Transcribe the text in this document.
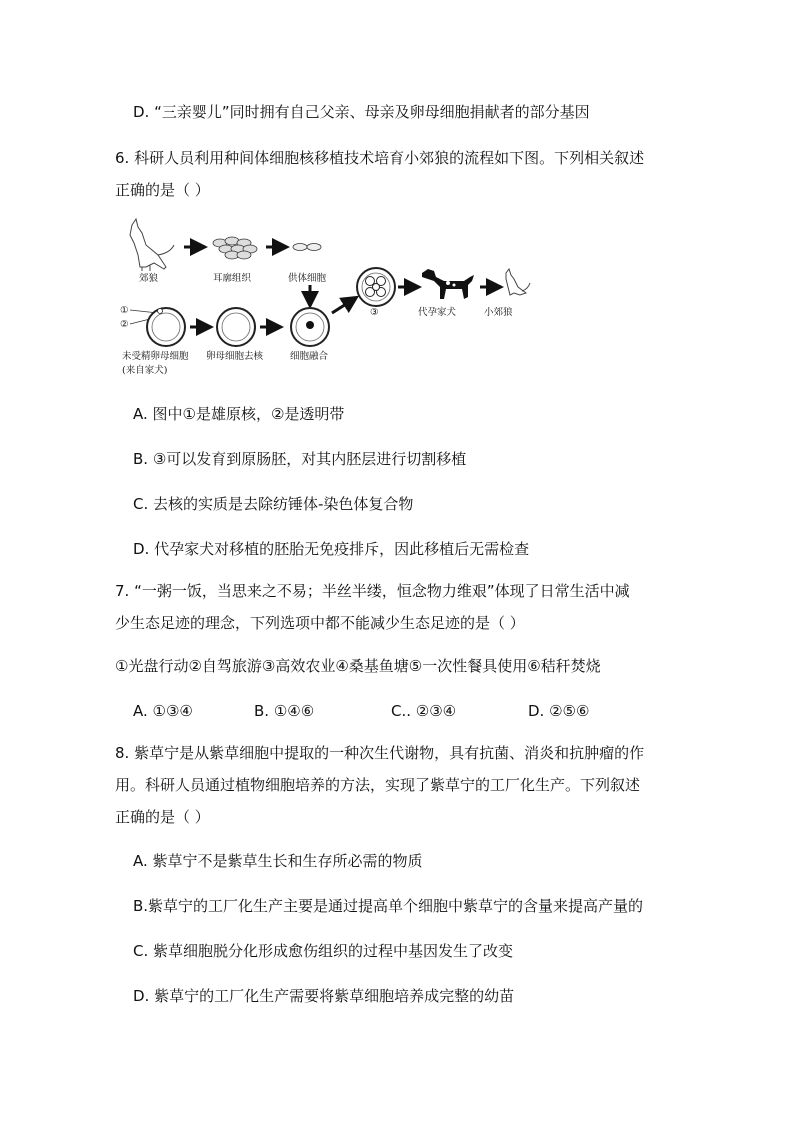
D. “三亲婴儿”同时拥有自己父亲、母亲及卵母细胞捐献者的部分基因
6. 科研人员利用种间体细胞核移植技术培育小郊狼的流程如下图。下列相关叙述
正确的是（ ）
郊狼	耳廓组织	供体细胞
①
②
未受精卵母细胞
(来自家犬)
卵母细胞去核	细胞融合
③	代孕家犬	小郊狼
A. 图中①是雄原核，②是透明带
B. ③可以发育到原肠胚，对其内胚层进行切割移植
C. 去核的实质是去除纺锤体-染色体复合物
D. 代孕家犬对移植的胚胎无免疫排斥，因此移植后无需检查
7. “一粥一饭，当思来之不易；半丝半缕，恒念物力维艰”体现了日常生活中减
少生态足迹的理念，下列选项中都不能减少生态足迹的是（ ）
①光盘行动②自驾旅游③高效农业④桑基鱼塘⑤一次性餐具使用⑥秸秆焚烧
A. ①③④	B. ①④⑥	C.. ②③④	D. ②⑤⑥
8. 紫草宁是从紫草细胞中提取的一种次生代谢物，具有抗菌、消炎和抗肿瘤的作
用。科研人员通过植物细胞培养的方法，实现了紫草宁的工厂化生产。下列叙述
正确的是（ ）
A. 紫草宁不是紫草生长和生存所必需的物质
B.紫草宁的工厂化生产主要是通过提高单个细胞中紫草宁的含量来提高产量的
C. 紫草细胞脱分化形成愈伤组织的过程中基因发生了改变
D. 紫草宁的工厂化生产需要将紫草细胞培养成完整的幼苗
